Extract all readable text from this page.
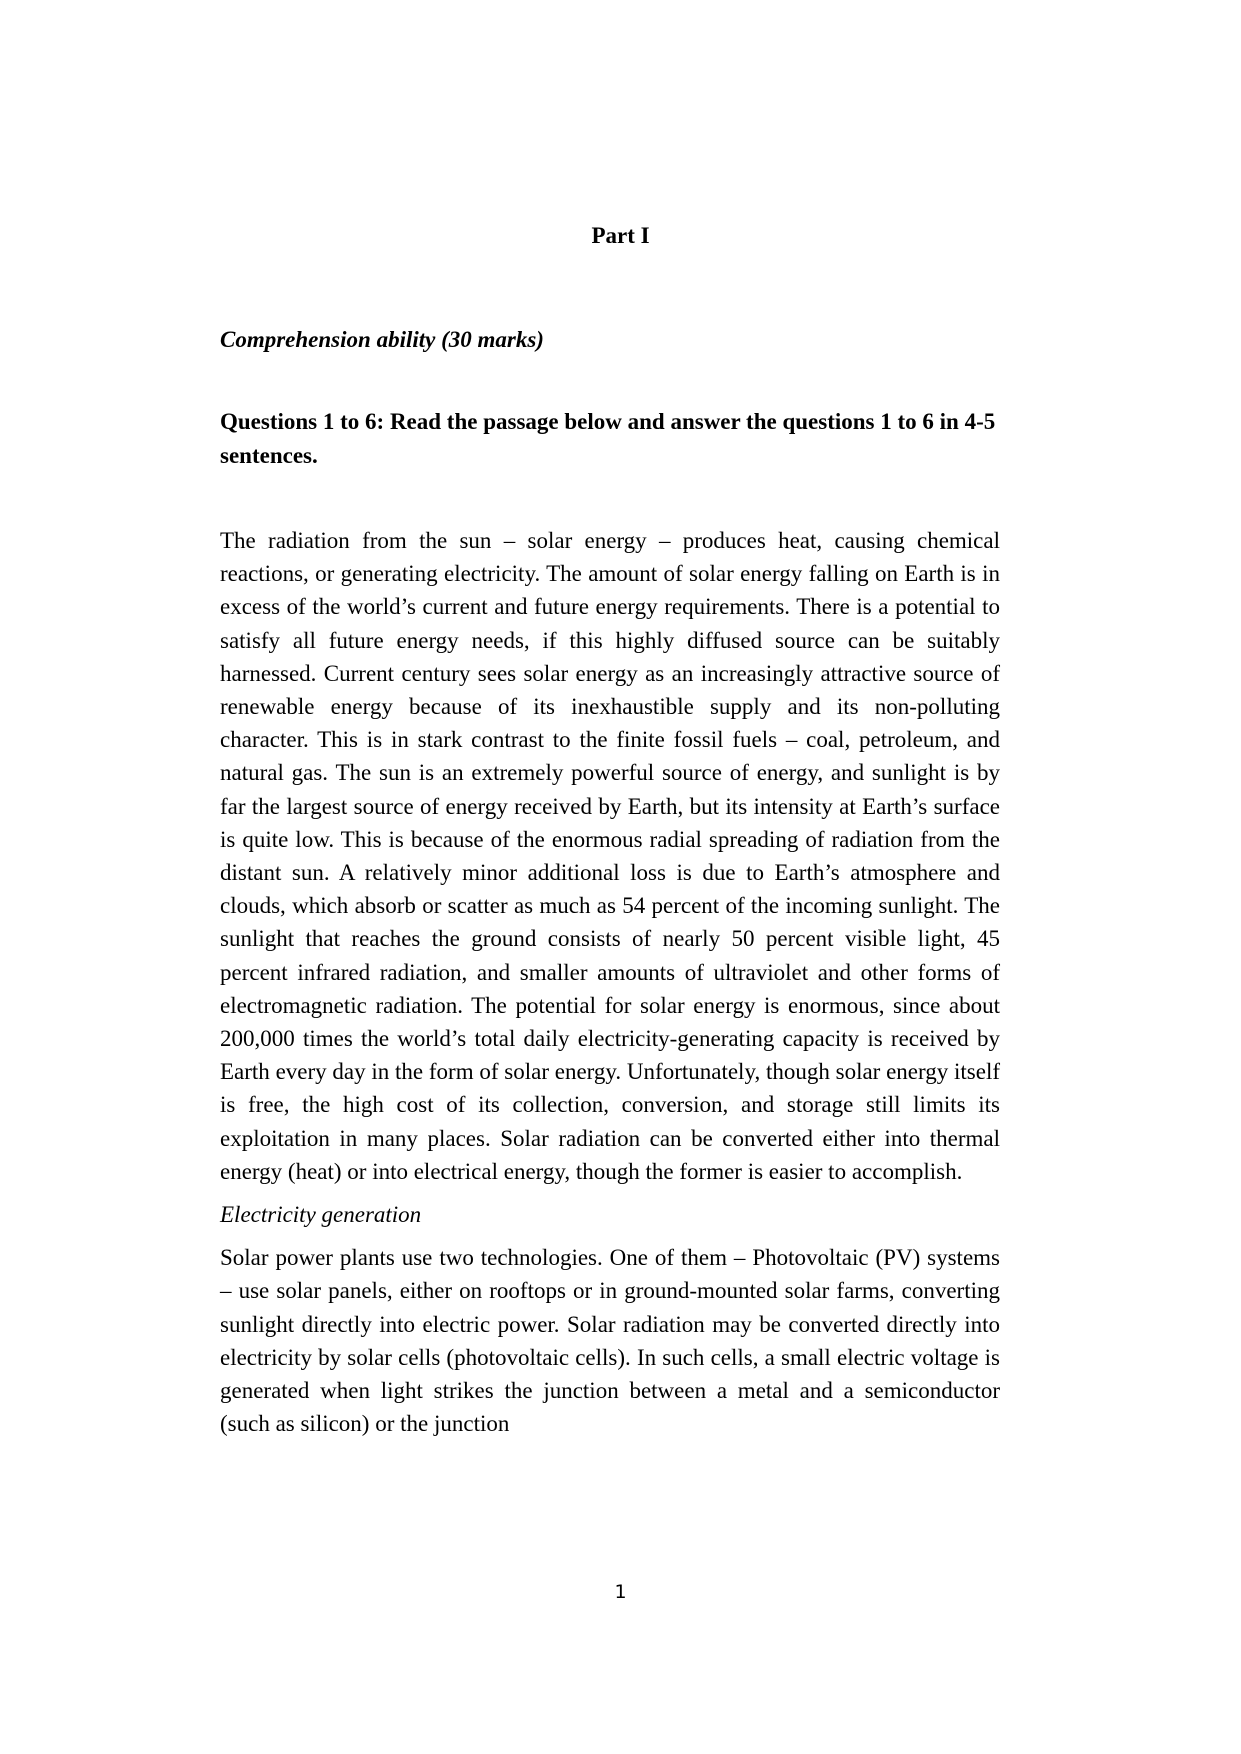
Part I
Comprehension ability (30 marks)

Questions 1 to 6: Read the passage below and answer the questions 1 to 6 in 4-5 sentences.

The radiation from the sun – solar energy – produces heat, causing chemical reactions, or generating electricity. The amount of solar energy falling on Earth is in excess of the world’s current and future energy requirements. There is a potential to satisfy all future energy needs, if this highly diffused source can be suitably harnessed. Current century sees solar energy as an increasingly attractive source of renewable energy because of its inexhaustible supply and its non-polluting character. This is in stark contrast to the finite fossil fuels – coal, petroleum, and natural gas. The sun is an extremely powerful source of energy, and sunlight is by far the largest source of energy received by Earth, but its intensity at Earth’s surface is quite low. This is because of the enormous radial spreading of radiation from the distant sun. A relatively minor additional loss is due to Earth’s atmosphere and clouds, which absorb or scatter as much as 54 percent of the incoming sunlight. The sunlight that reaches the ground consists of nearly 50 percent visible light, 45 percent infrared radiation, and smaller amounts of ultraviolet and other forms of electromagnetic radiation. The potential for solar energy is enormous, since about 200,000 times the world’s total daily electricity-generating capacity is received by Earth every day in the form of solar energy. Unfortunately, though solar energy itself is free, the high cost of its collection, conversion, and storage still limits its exploitation in many places. Solar radiation can be converted either into thermal energy (heat) or into electrical energy, though the former is easier to accomplish.

Electricity generation

Solar power plants use two technologies. One of them – Photovoltaic (PV) systems – use solar panels, either on rooftops or in ground-mounted solar farms, converting sunlight directly into electric power. Solar radiation may be converted directly into electricity by solar cells (photovoltaic cells). In such cells, a small electric voltage is generated when light strikes the junction between a metal and a semiconductor (such as silicon) or the junction

1
